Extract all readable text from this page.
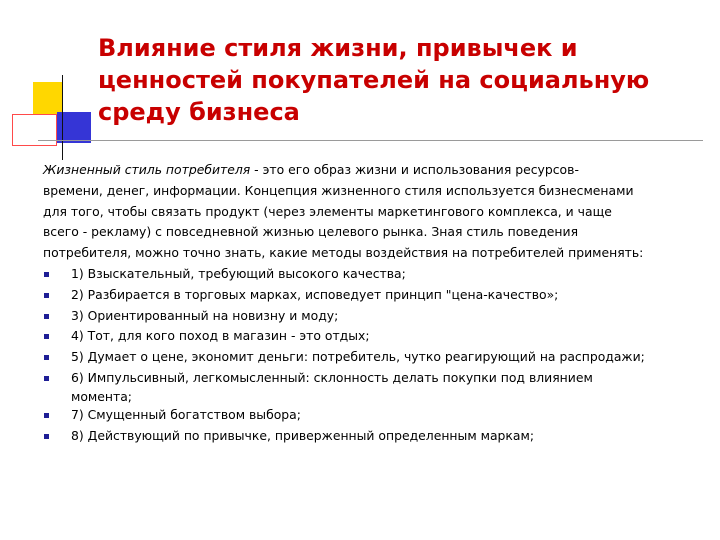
Влияние стиля жизни, привычек и
ценностей покупателей на социальную
среду бизнеса
Жизненный стиль потребителя - это его образ жизни и использования ресурсов-
времени, денег, информации. Концепция жизненного стиля используется бизнесменами
для того, чтобы связать продукт (через элементы маркетингового комплекса, и чаще
всего - рекламу) с повседневной жизнью целевого рынка. Зная стиль поведения
потребителя, можно точно знать, какие методы воздействия на потребителей применять:
1) Взыскательный, требующий высокого качества;
2) Разбирается в торговых марках, исповедует принцип "цена-качество»;
3) Ориентированный на новизну и моду;
4) Тот, для кого поход в магазин - это отдых;
5) Думает о цене, экономит деньги: потребитель, чутко реагирующий на распродажи;
6) Импульсивный, легкомысленный: склонность делать покупки под влиянием
момента;
7) Смущенный богатством выбора;
8) Действующий по привычке, приверженный определенным маркам;
